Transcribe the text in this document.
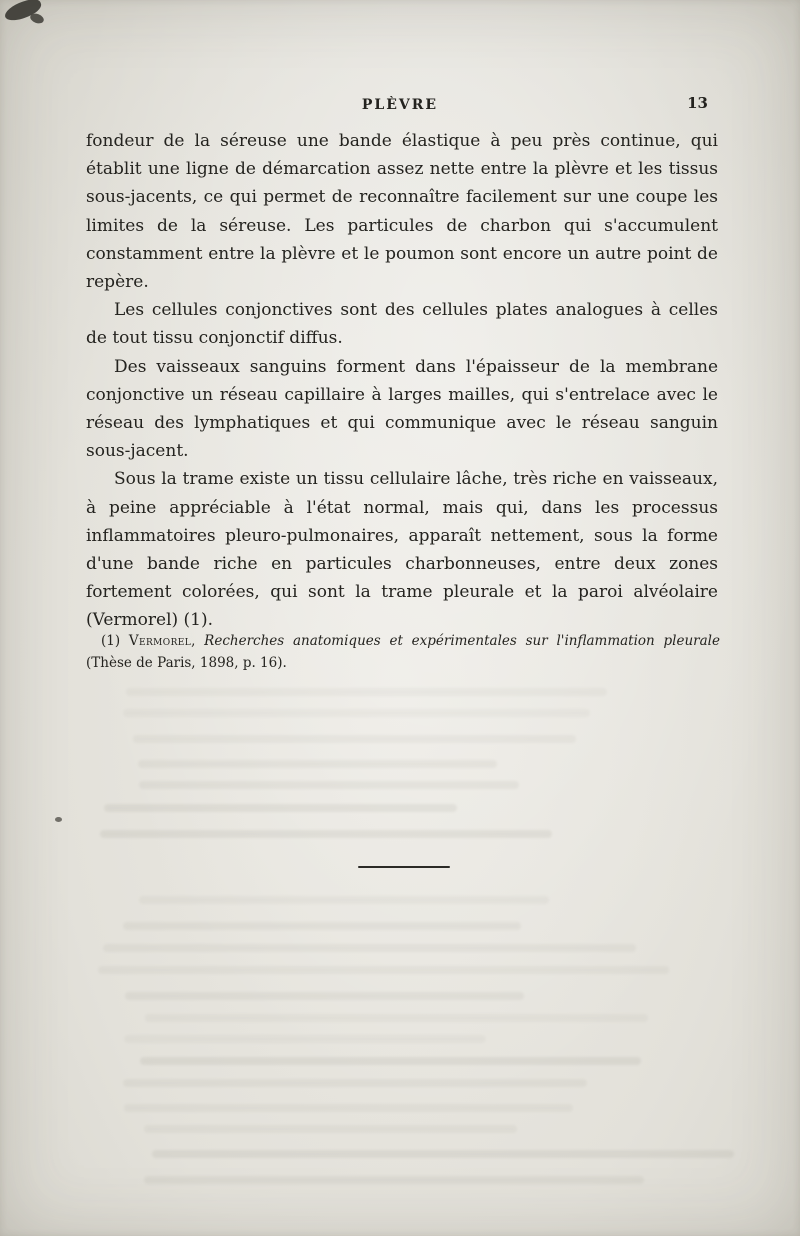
PLÈVRE	13

fondeur de la séreuse une bande élastique à peu près continue, qui établit une ligne de démarcation assez nette entre la plèvre et les tissus sous-jacents, ce qui permet de reconnaître facilement sur une coupe les limites de la séreuse. Les particules de charbon qui s'accumulent constamment entre la plèvre et le poumon sont encore un autre point de repère.

Les cellules conjonctives sont des cellules plates analogues à celles de tout tissu conjonctif diffus.

Des vaisseaux sanguins forment dans l'épaisseur de la membrane conjonctive un réseau capillaire à larges mailles, qui s'entrelace avec le réseau des lymphatiques et qui communique avec le réseau sanguin sous-jacent.

Sous la trame existe un tissu cellulaire lâche, très riche en vaisseaux, à peine appréciable à l'état normal, mais qui, dans les processus inflammatoires pleuro-pulmonaires, apparaît nettement, sous la forme d'une bande riche en particules charbonneuses, entre deux zones fortement colorées, qui sont la trame pleurale et la paroi alvéolaire (Vermorel) (1).

(1) Vermorel, Recherches anatomiques et expérimentales sur l'inflammation pleurale (Thèse de Paris, 1898, p. 16).
